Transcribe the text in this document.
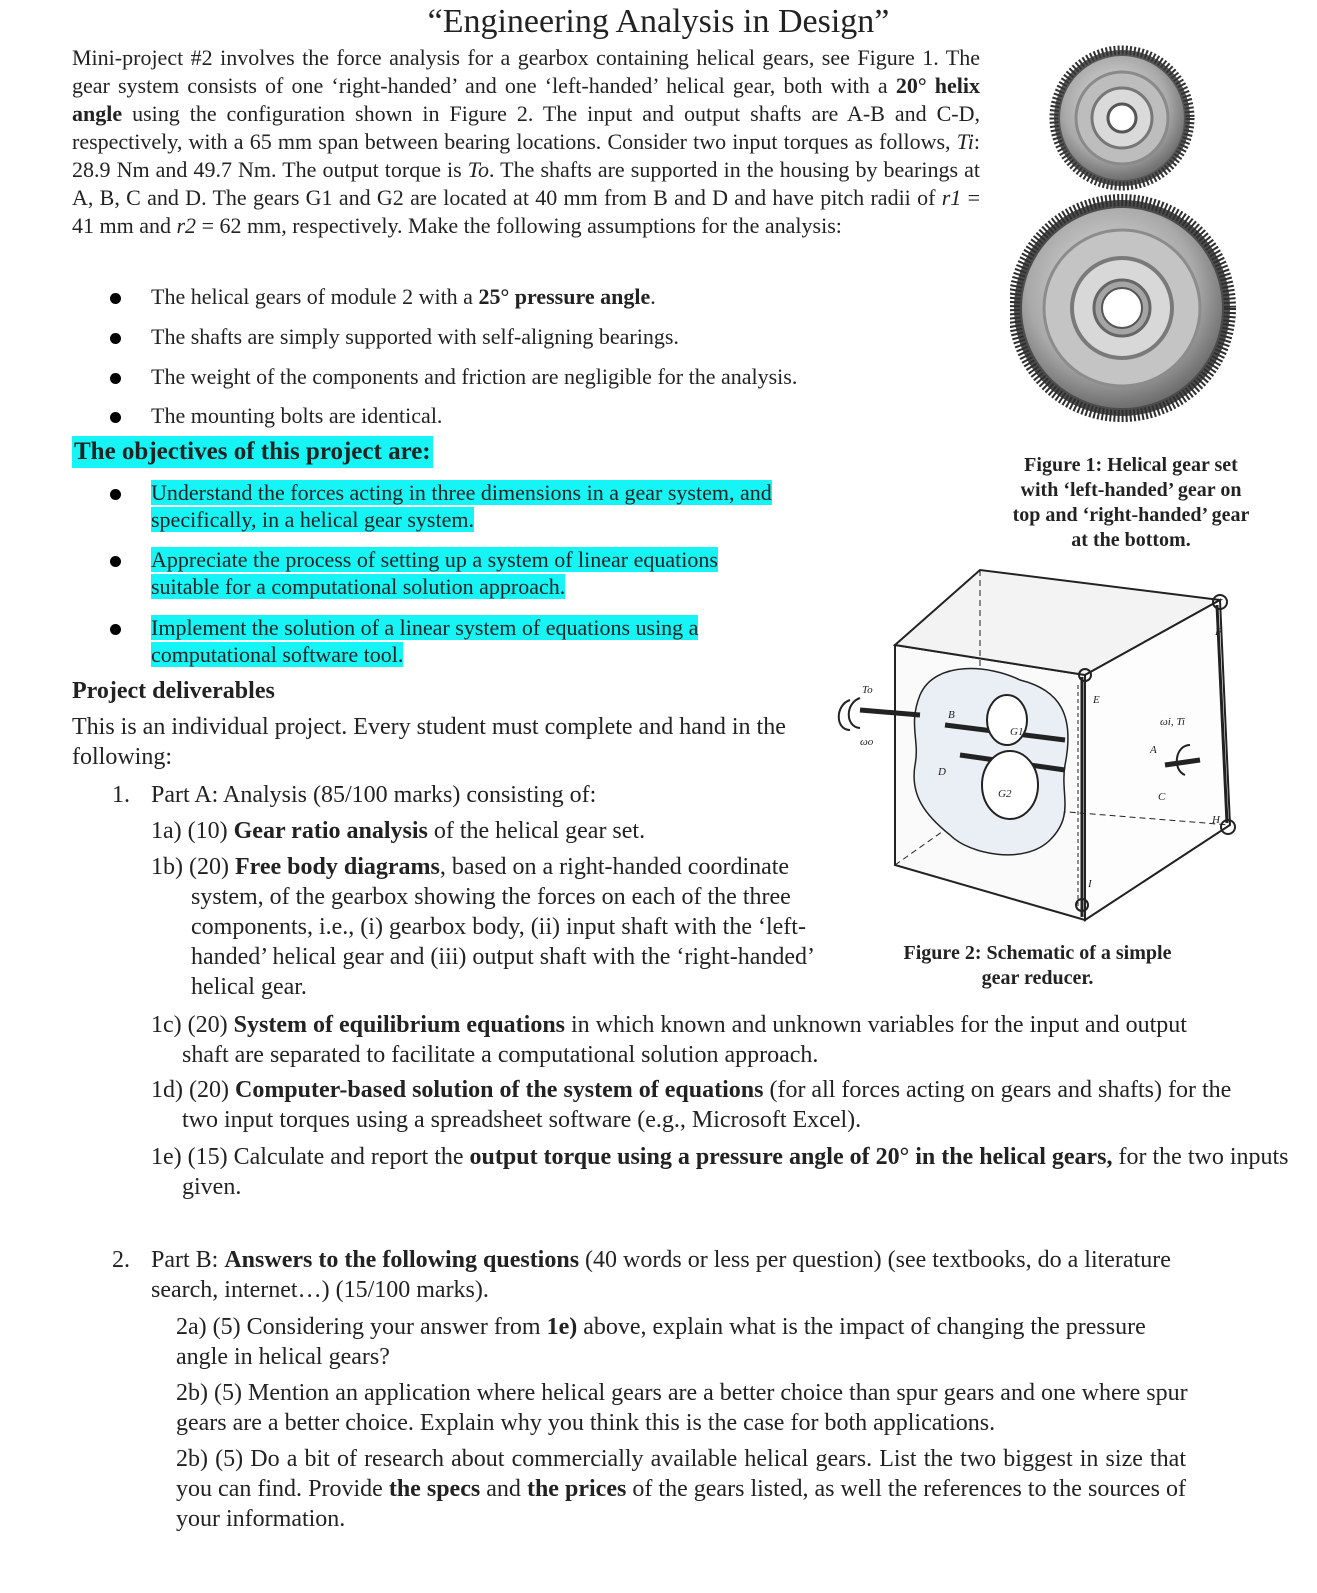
“Engineering Analysis in Design”
Mini-project #2 involves the force analysis for a gearbox containing helical gears, see Figure 1. The gear system consists of one ‘right-handed’ and one ‘left-handed’ helical gear, both with a 20° helix angle using the configuration shown in Figure 2. The input and output shafts are A-B and C-D, respectively, with a 65 mm span between bearing locations. Consider two input torques as follows, Ti: 28.9 Nm and 49.7 Nm. The output torque is To. The shafts are supported in the housing by bearings at A, B, C and D. The gears G1 and G2 are located at 40 mm from B and D and have pitch radii of r1 = 41 mm and r2 = 62 mm, respectively. Make the following assumptions for the analysis:
The helical gears of module 2 with a 25° pressure angle.
The shafts are simply supported with self-aligning bearings.
The weight of the components and friction are negligible for the analysis.
The mounting bolts are identical.
The objectives of this project are:
Understand the forces acting in three dimensions in a gear system, and specifically, in a helical gear system.
Appreciate the process of setting up a system of linear equations suitable for a computational solution approach.
Implement the solution of a linear system of equations using a computational software tool.
Project deliverables
This is an individual project. Every student must complete and hand in the following:
1. Part A: Analysis (85/100 marks) consisting of:
1a) (10) Gear ratio analysis of the helical gear set.
1b) (20) Free body diagrams, based on a right-handed coordinate system, of the gearbox showing the forces on each of the three components, i.e., (i) gearbox body, (ii) input shaft with the ‘left-handed’ helical gear and (iii) output shaft with the ‘right-handed’ helical gear.
1c) (20) System of equilibrium equations in which known and unknown variables for the input and output shaft are separated to facilitate a computational solution approach.
1d) (20) Computer-based solution of the system of equations (for all forces acting on gears and shafts) for the two input torques using a spreadsheet software (e.g., Microsoft Excel).
1e) (15) Calculate and report the output torque using a pressure angle of 20° in the helical gears, for the two inputs given.
2. Part B: Answers to the following questions (40 words or less per question) (see textbooks, do a literature search, internet…) (15/100 marks).
2a) (5) Considering your answer from 1e) above, explain what is the impact of changing the pressure angle in helical gears?
2b) (5) Mention an application where helical gears are a better choice than spur gears and one where spur gears are a better choice. Explain why you think this is the case for both applications.
2b) (5) Do a bit of research about commercially available helical gears. List the two biggest in size that you can find. Provide the specs and the prices of the gears listed, as well the references to the sources of your information.
Figure 1: Helical gear set with ‘left-handed’ gear on top and ‘right-handed’ gear at the bottom.
To
ωo
B
D
G1
G2
E
F
ωi, Ti
A
C
H
I
Figure 2: Schematic of a simple gear reducer.
